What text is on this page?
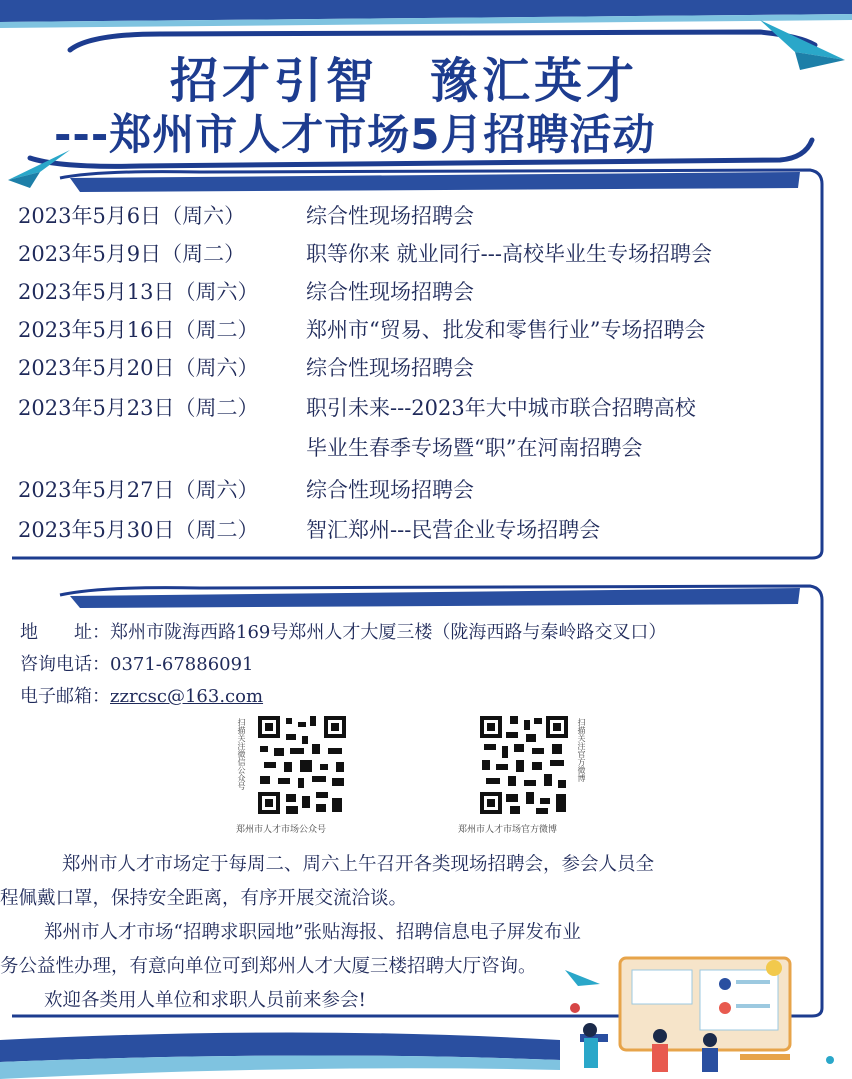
招才引智 豫汇英才
---郑州市人才市场5月招聘活动
2023年5月6日（周六）	综合性现场招聘会
2023年5月9日（周二）	职等你来 就业同行---高校毕业生专场招聘会
2023年5月13日（周六）	综合性现场招聘会
2023年5月16日（周二）	郑州市“贸易、批发和零售行业”专场招聘会
2023年5月20日（周六）	综合性现场招聘会
2023年5月23日（周二）	职引未来---2023年大中城市联合招聘高校
毕业生春季专场暨“职”在河南招聘会
2023年5月27日（周六）	综合性现场招聘会
2023年5月30日（周二）	智汇郑州---民营企业专场招聘会
地　　址：郑州市陇海西路169号郑州人才大厦三楼（陇海西路与秦岭路交叉口）
咨询电话：0371-67886091
电子邮箱：zzrcsc@163.com
扫描关注微信公众号
郑州市人才市场公众号
扫描关注官方微博
郑州市人才市场官方微博
郑州市人才市场定于每周二、周六上午召开各类现场招聘会，参会人员全
程佩戴口罩，保持安全距离，有序开展交流洽谈。
郑州市人才市场“招聘求职园地”张贴海报、招聘信息电子屏发布业
务公益性办理，有意向单位可到郑州人才大厦三楼招聘大厅咨询。
欢迎各类用人单位和求职人员前来参会!
